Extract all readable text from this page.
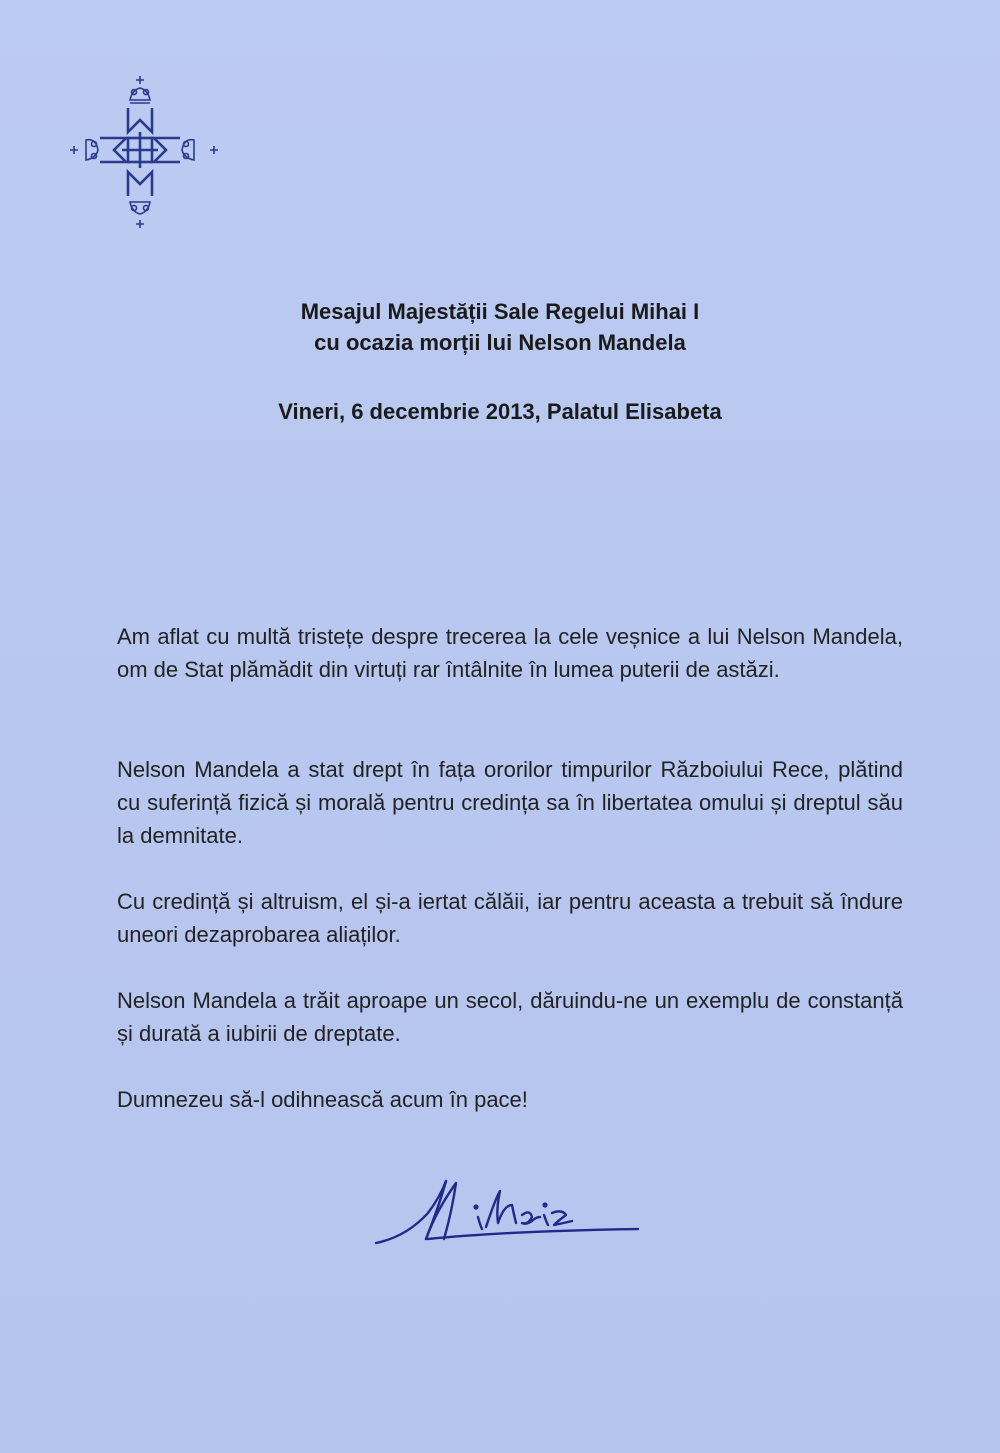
Mesajul Majestății Sale Regelui Mihai I
cu ocazia morții lui Nelson Mandela
Vineri, 6 decembrie 2013, Palatul Elisabeta

Am aflat cu multă tristețe despre trecerea la cele veșnice a lui Nelson Mandela, om de Stat plămădit din virtuți rar întâlnite în lumea puterii de astăzi.

Nelson Mandela a stat drept în fața ororilor timpurilor Războiului Rece, plătind cu suferință fizică și morală pentru credința sa în libertatea omului și dreptul său la demnitate.

Cu credință și altruism, el și-a iertat călăii, iar pentru aceasta a trebuit să îndure uneori dezaprobarea aliaților.

Nelson Mandela a trăit aproape un secol, dăruindu-ne un exemplu de constanță și durată a iubirii de dreptate.

Dumnezeu să-l odihnească acum în pace!
